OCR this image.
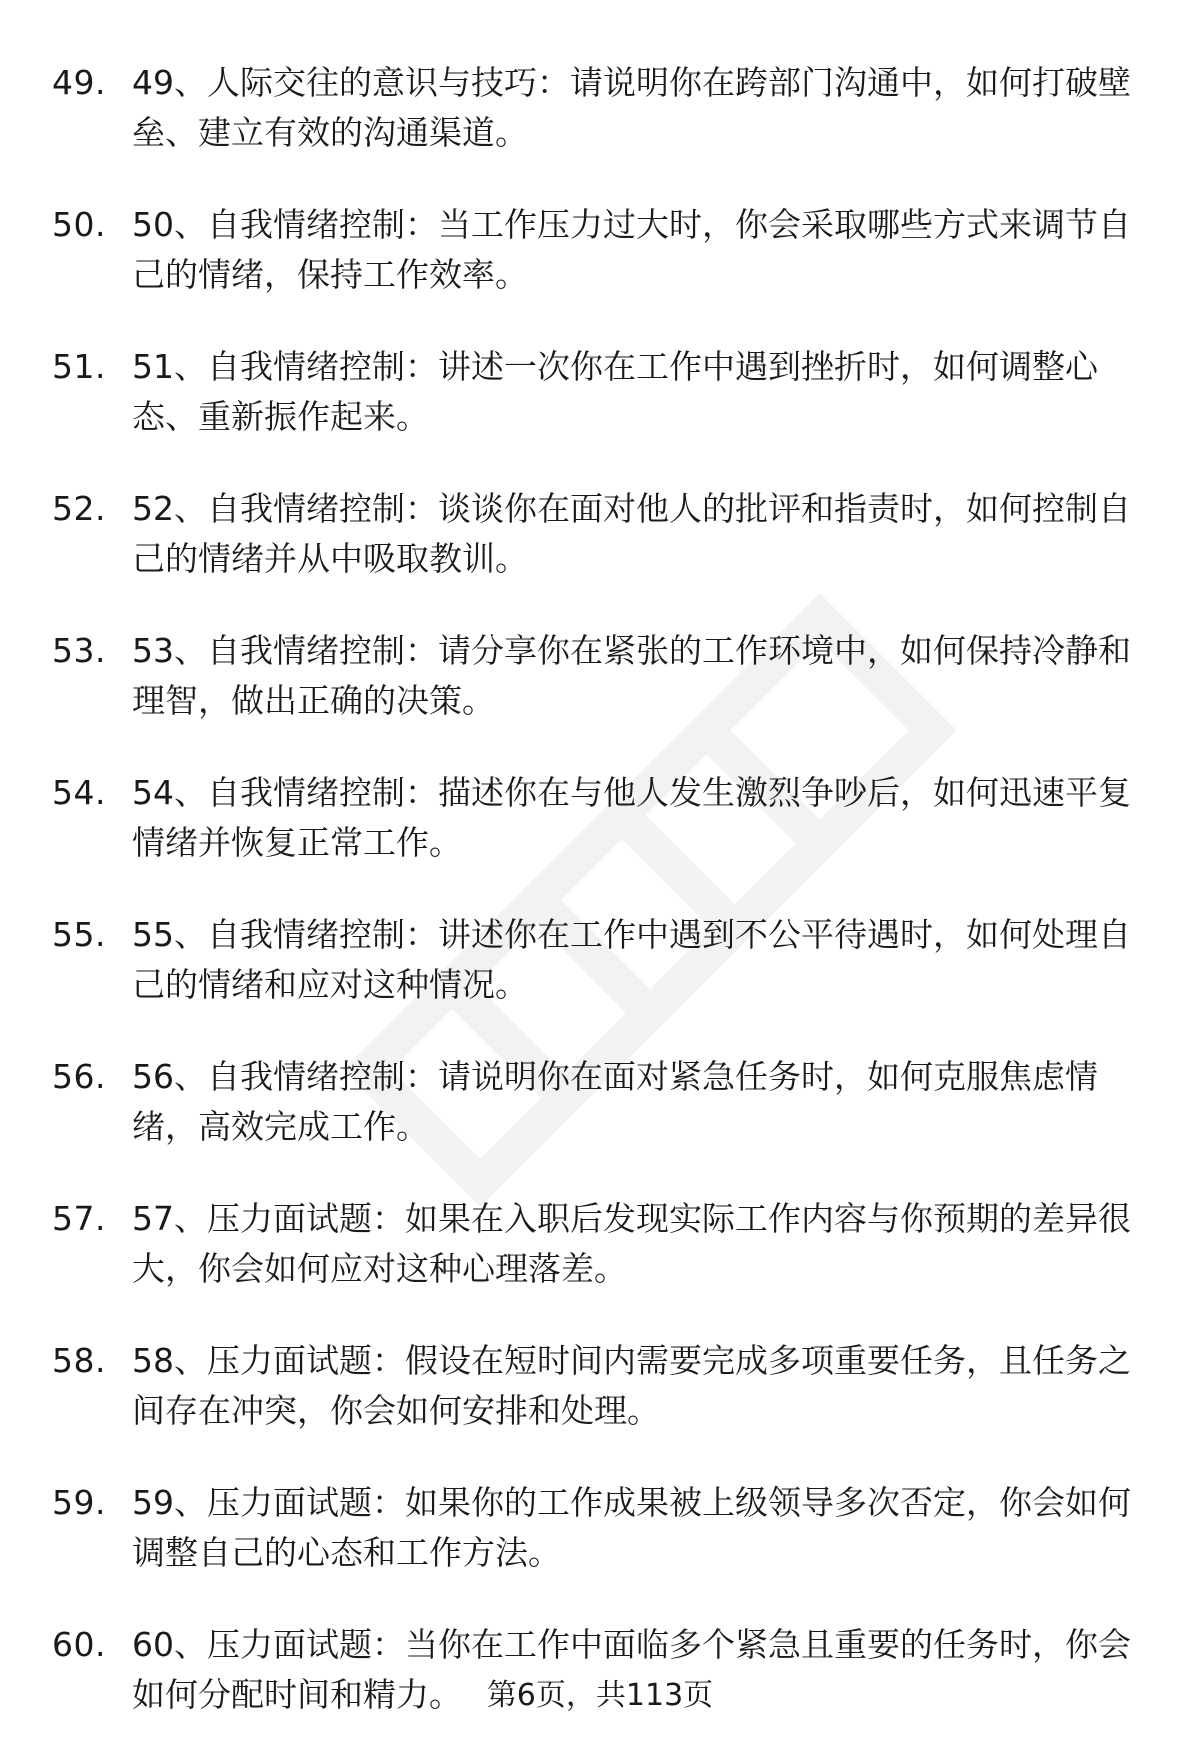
49. 49、人际交往的意识与技巧：请说明你在跨部门沟通中，如何打破壁垒、建立有效的沟通渠道。
50. 50、自我情绪控制：当工作压力过大时，你会采取哪些方式来调节自己的情绪，保持工作效率。
51. 51、自我情绪控制：讲述一次你在工作中遇到挫折时，如何调整心态、重新振作起来。
52. 52、自我情绪控制：谈谈你在面对他人的批评和指责时，如何控制自己的情绪并从中吸取教训。
53. 53、自我情绪控制：请分享你在紧张的工作环境中，如何保持冷静和理智，做出正确的决策。
54. 54、自我情绪控制：描述你在与他人发生激烈争吵后，如何迅速平复情绪并恢复正常工作。
55. 55、自我情绪控制：讲述你在工作中遇到不公平待遇时，如何处理自己的情绪和应对这种情况。
56. 56、自我情绪控制：请说明你在面对紧急任务时，如何克服焦虑情绪，高效完成工作。
57. 57、压力面试题：如果在入职后发现实际工作内容与你预期的差异很大，你会如何应对这种心理落差。
58. 58、压力面试题：假设在短时间内需要完成多项重要任务，且任务之间存在冲突，你会如何安排和处理。
59. 59、压力面试题：如果你的工作成果被上级领导多次否定，你会如何调整自己的心态和工作方法。
60. 60、压力面试题：当你在工作中面临多个紧急且重要的任务时，你会如何分配时间和精力。 第6页，共113页
